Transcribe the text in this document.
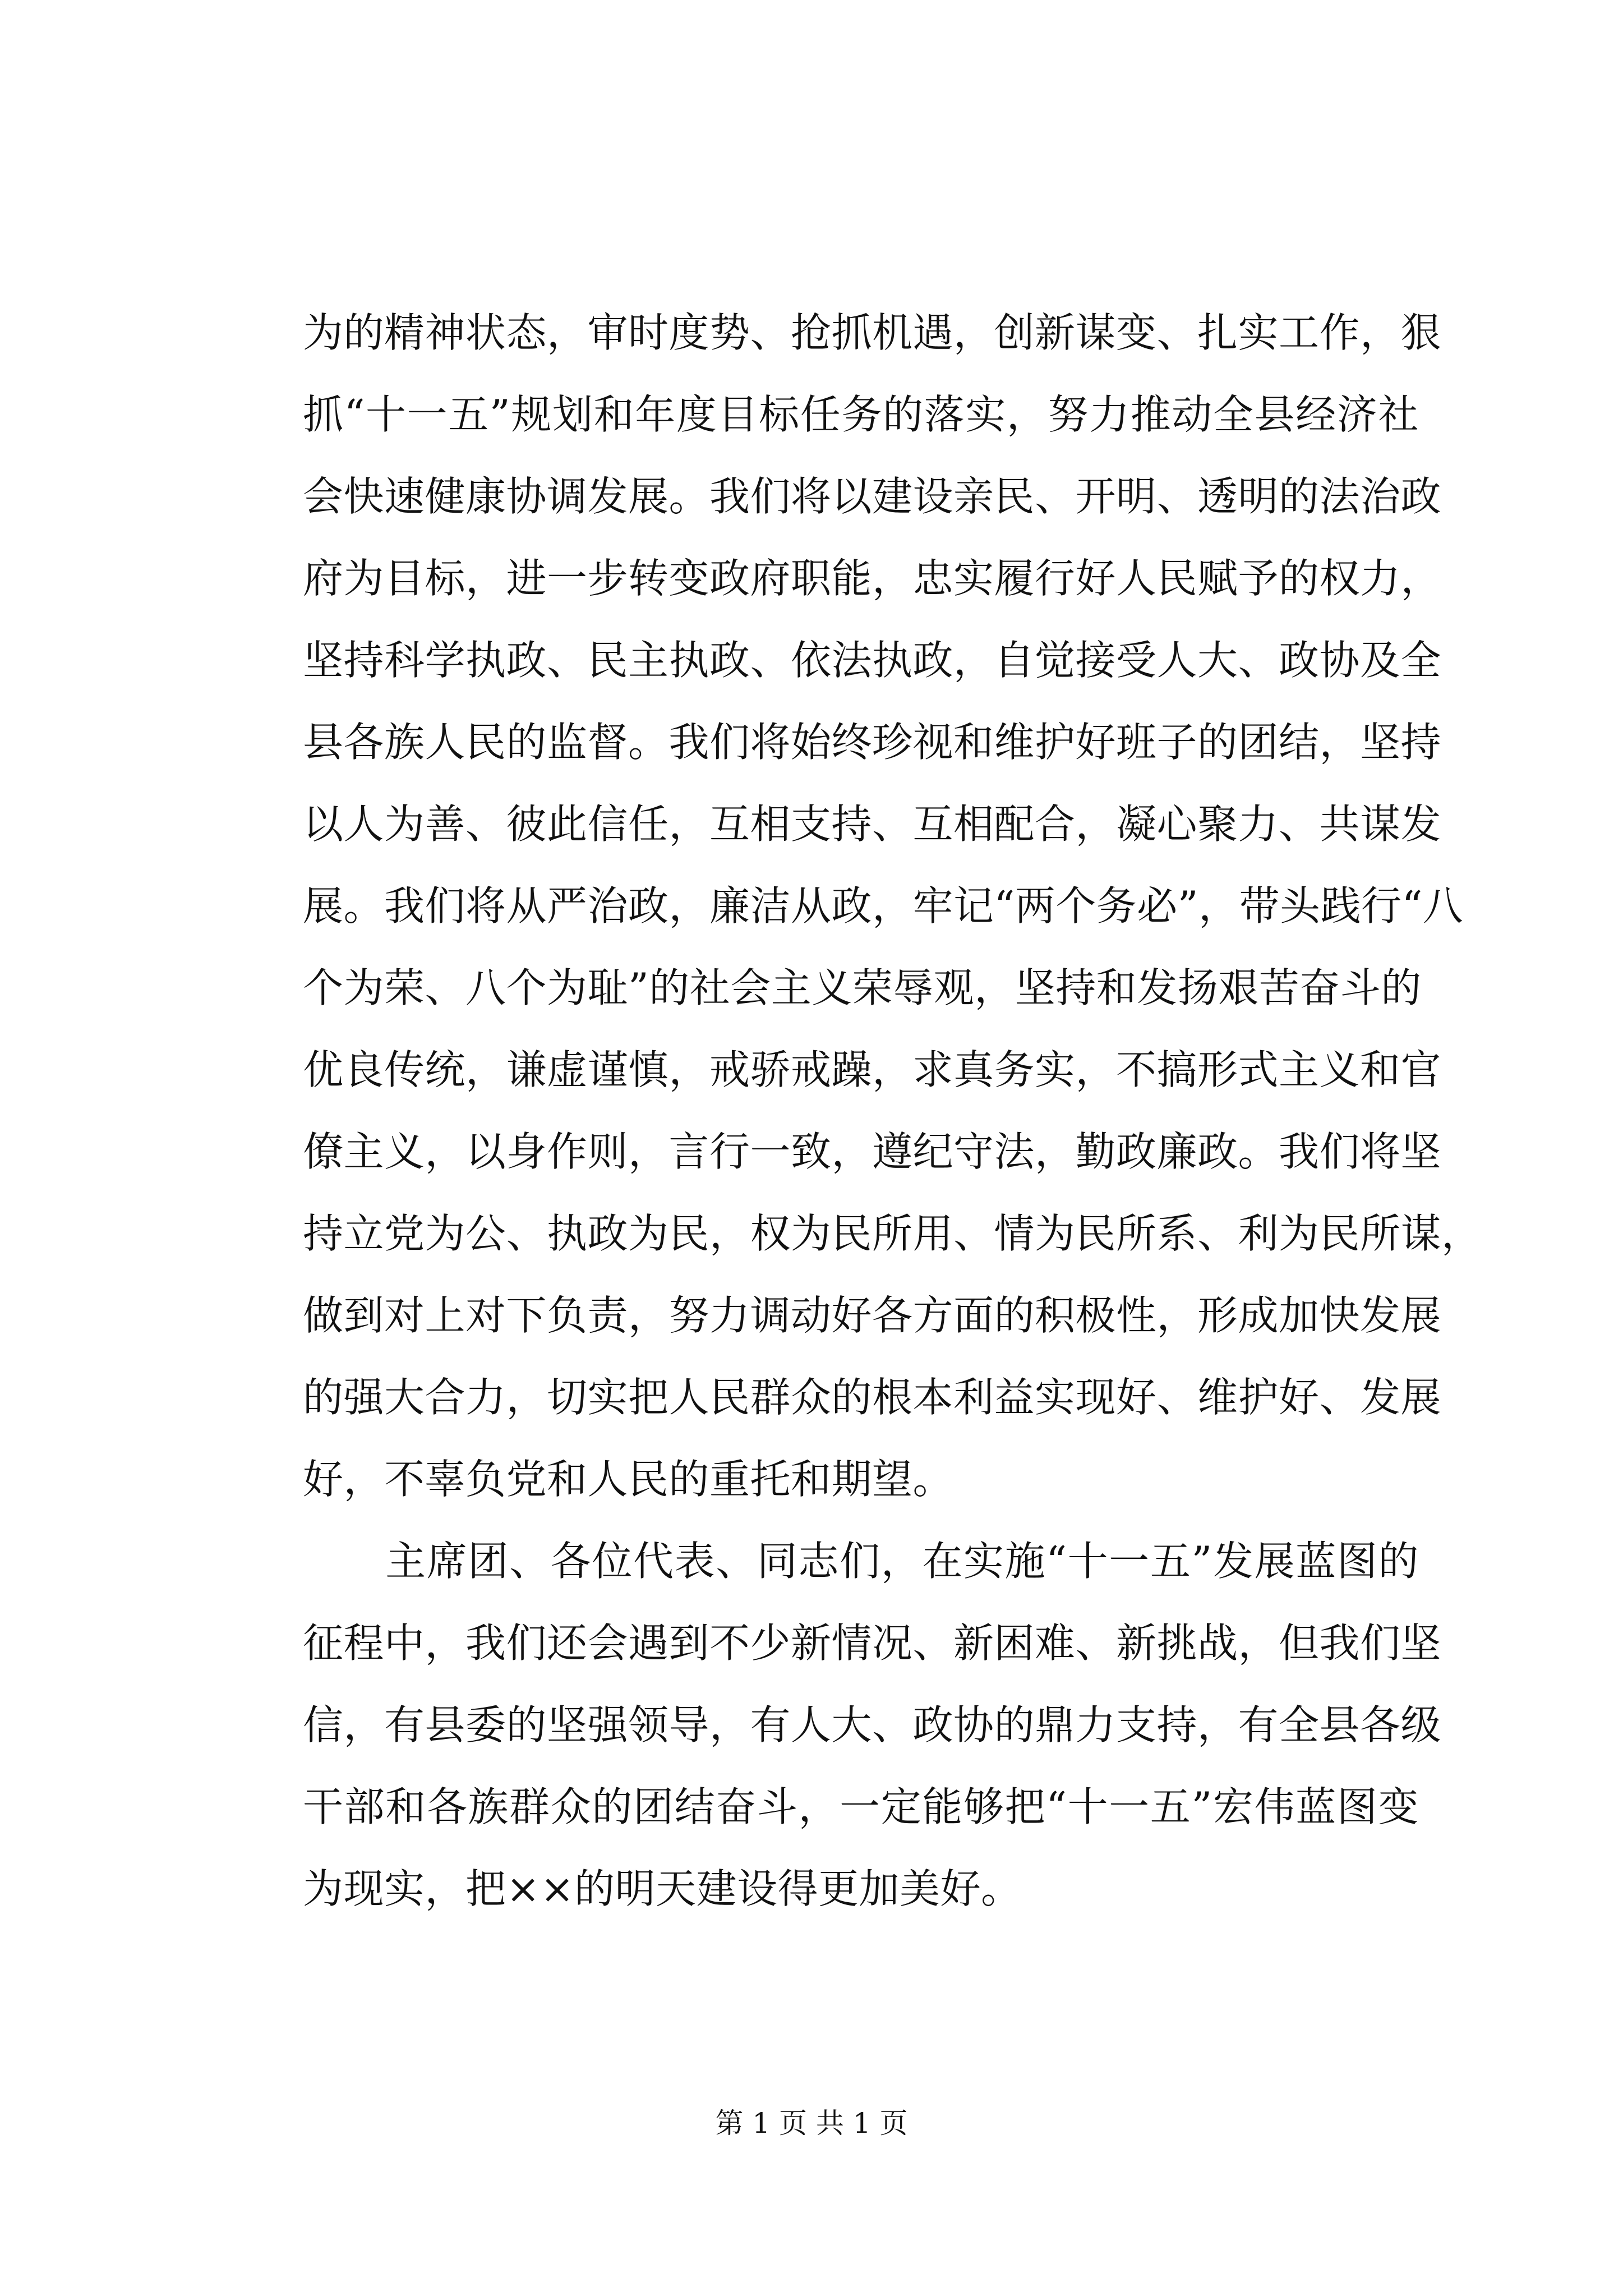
为的精神状态，审时度势、抢抓机遇，创新谋变、扎实工作，狠
抓“十一五”规划和年度目标任务的落实，努力推动全县经济社
会快速健康协调发展。我们将以建设亲民、开明、透明的法治政
府为目标，进一步转变政府职能，忠实履行好人民赋予的权力，
坚持科学执政、民主执政、依法执政，自觉接受人大、政协及全
县各族人民的监督。我们将始终珍视和维护好班子的团结，坚持
以人为善、彼此信任，互相支持、互相配合，凝心聚力、共谋发
展。我们将从严治政，廉洁从政，牢记“两个务必”，带头践行“八
个为荣、八个为耻”的社会主义荣辱观，坚持和发扬艰苦奋斗的
优良传统，谦虚谨慎，戒骄戒躁，求真务实，不搞形式主义和官
僚主义，以身作则，言行一致，遵纪守法，勤政廉政。我们将坚
持立党为公、执政为民，权为民所用、情为民所系、利为民所谋，
做到对上对下负责，努力调动好各方面的积极性，形成加快发展
的强大合力，切实把人民群众的根本利益实现好、维护好、发展
好，不辜负党和人民的重托和期望。
　　主席团、各位代表、同志们，在实施“十一五”发展蓝图的
征程中，我们还会遇到不少新情况、新困难、新挑战，但我们坚
信，有县委的坚强领导，有人大、政协的鼎力支持，有全县各级
干部和各族群众的团结奋斗，一定能够把“十一五”宏伟蓝图变
为现实，把××的明天建设得更加美好。
第 1 页 共 1 页
